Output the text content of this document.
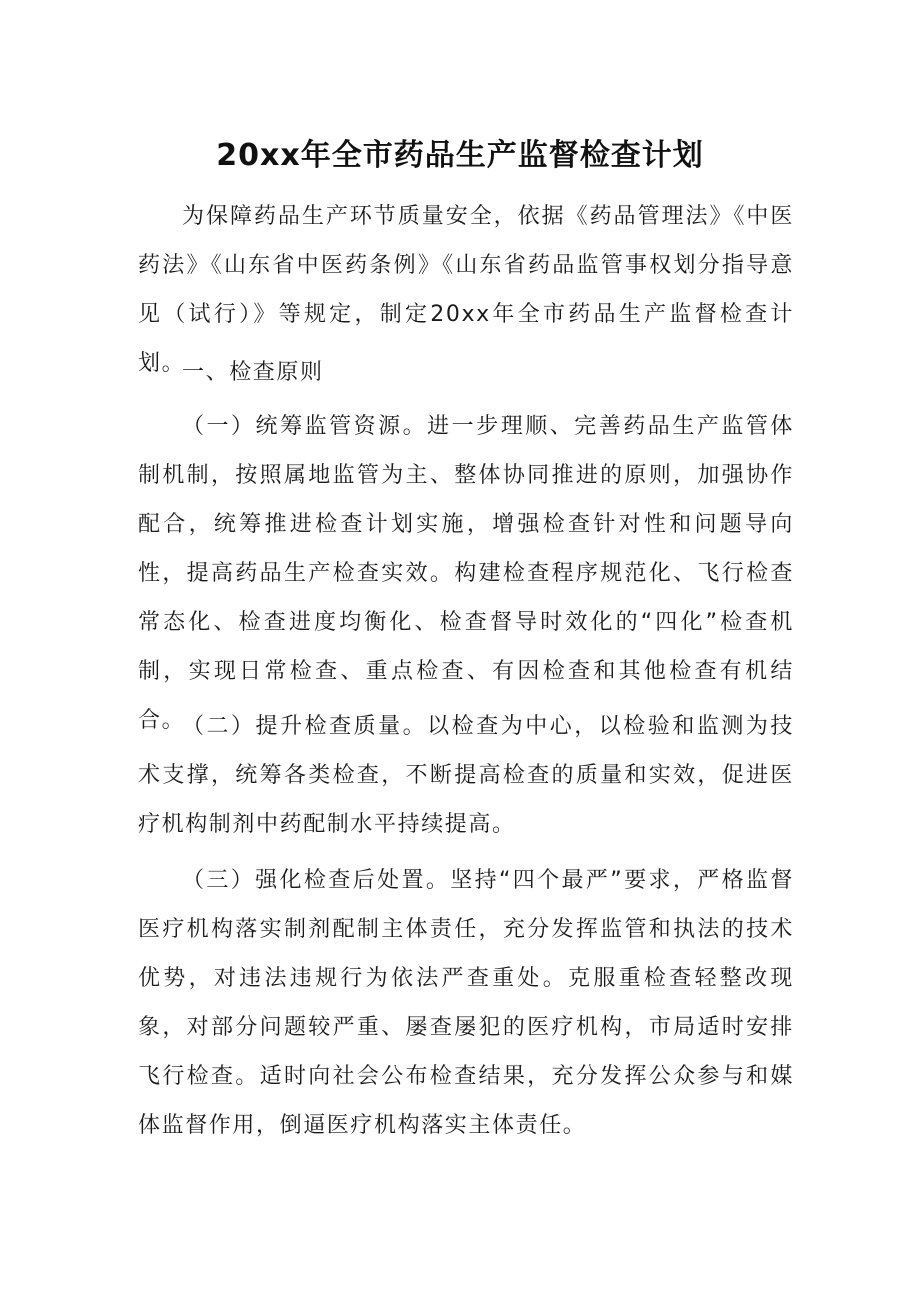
20xx年全市药品生产监督检查计划

为保障药品生产环节质量安全，依据《药品管理法》《中医药法》《山东省中医药条例》《山东省药品监管事权划分指导意见（试行）》等规定，制定20xx年全市药品生产监督检查计划。

一、检查原则

（一）统筹监管资源。进一步理顺、完善药品生产监管体制机制，按照属地监管为主、整体协同推进的原则，加强协作配合，统筹推进检查计划实施，增强检查针对性和问题导向性，提高药品生产检查实效。构建检查程序规范化、飞行检查常态化、检查进度均衡化、检查督导时效化的“四化”检查机制，实现日常检查、重点检查、有因检查和其他检查有机结合。

（二）提升检查质量。以检查为中心，以检验和监测为技术支撑，统筹各类检查，不断提高检查的质量和实效，促进医疗机构制剂中药配制水平持续提高。

（三）强化检查后处置。坚持“四个最严”要求，严格监督医疗机构落实制剂配制主体责任，充分发挥监管和执法的技术优势，对违法违规行为依法严查重处。克服重检查轻整改现象，对部分问题较严重、屡查屡犯的医疗机构，市局适时安排飞行检查。适时向社会公布检查结果，充分发挥公众参与和媒体监督作用，倒逼医疗机构落实主体责任。
